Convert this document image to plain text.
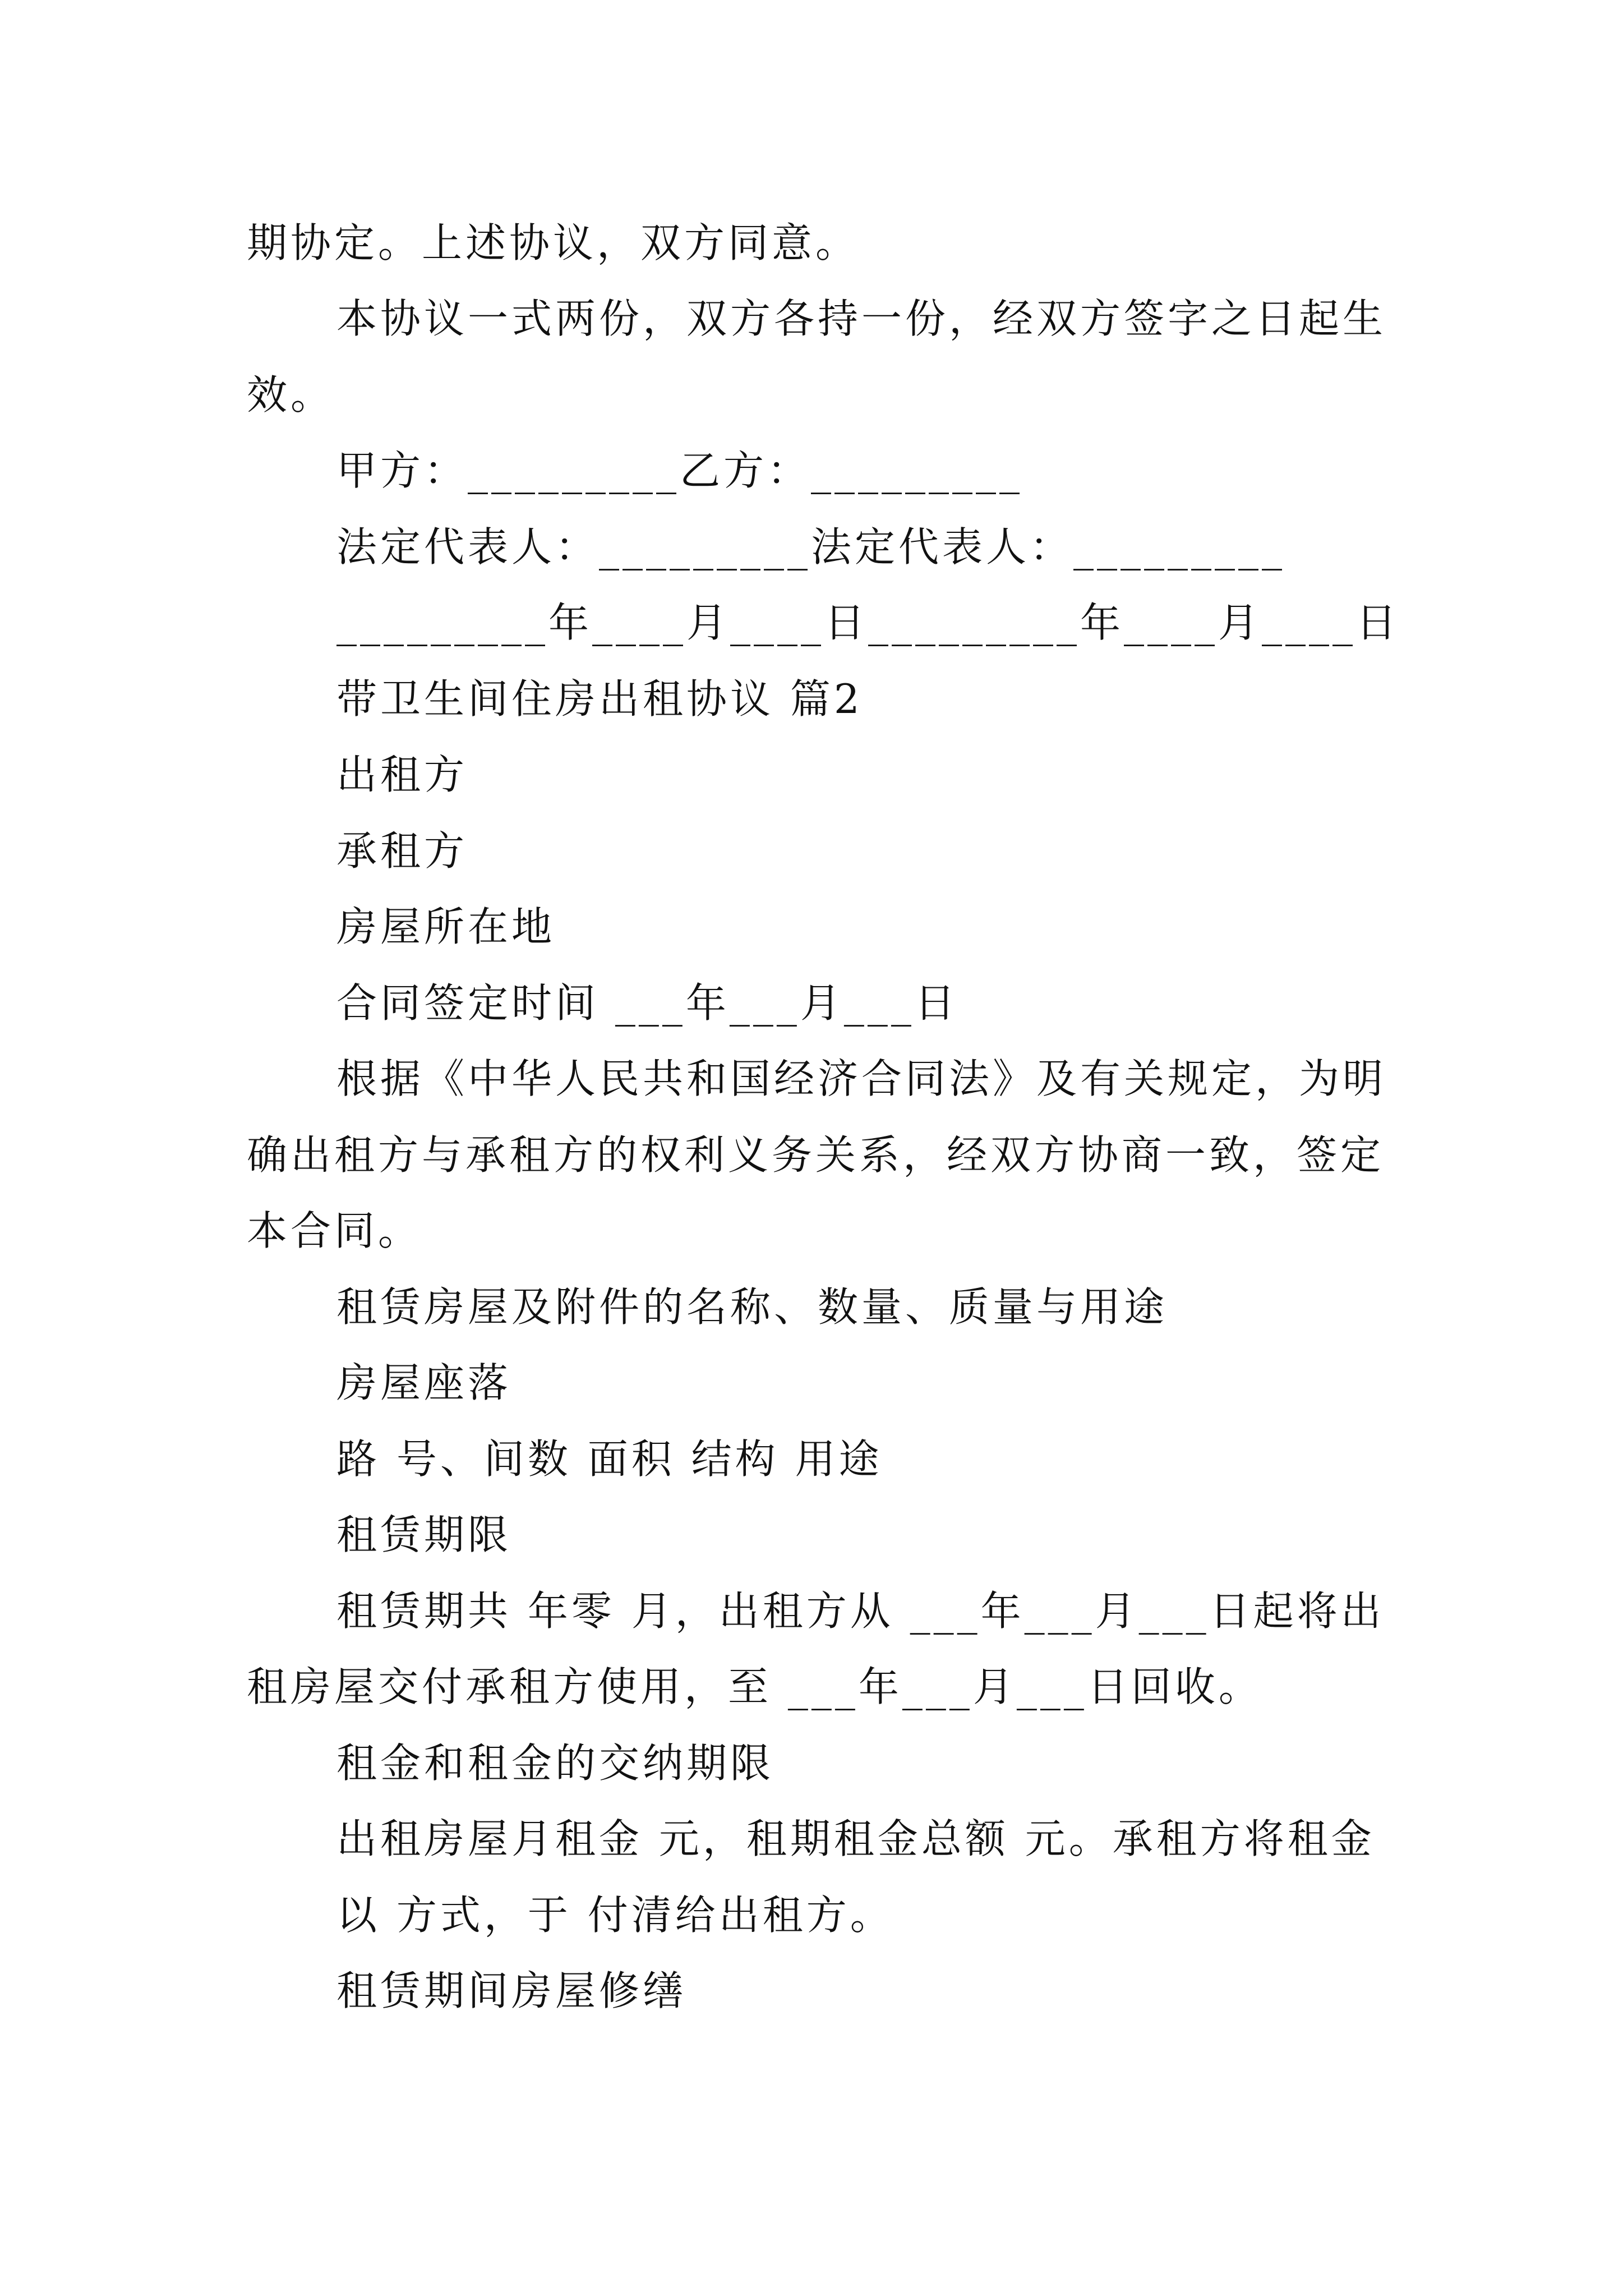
期协定。上述协议，双方同意。
本协议一式两份，双方各持一份，经双方签字之日起生
效。
甲方：_________乙方：_________
法定代表人：_________法定代表人：_________
_________年____月____日_________年____月____日
带卫生间住房出租协议 篇2
出租方
承租方
房屋所在地
合同签定时间 ___年___月___日
根据《中华人民共和国经济合同法》及有关规定，为明
确出租方与承租方的权利义务关系，经双方协商一致，签定
本合同。
租赁房屋及附件的名称、数量、质量与用途
房屋座落
路 号、间数 面积 结构 用途
租赁期限
租赁期共 年零 月，出租方从 ___年___月___日起将出
租房屋交付承租方使用，至 ___年___月___日回收。
租金和租金的交纳期限
出租房屋月租金 元，租期租金总额 元。承租方将租金
以 方式，于 付清给出租方。
租赁期间房屋修缮
